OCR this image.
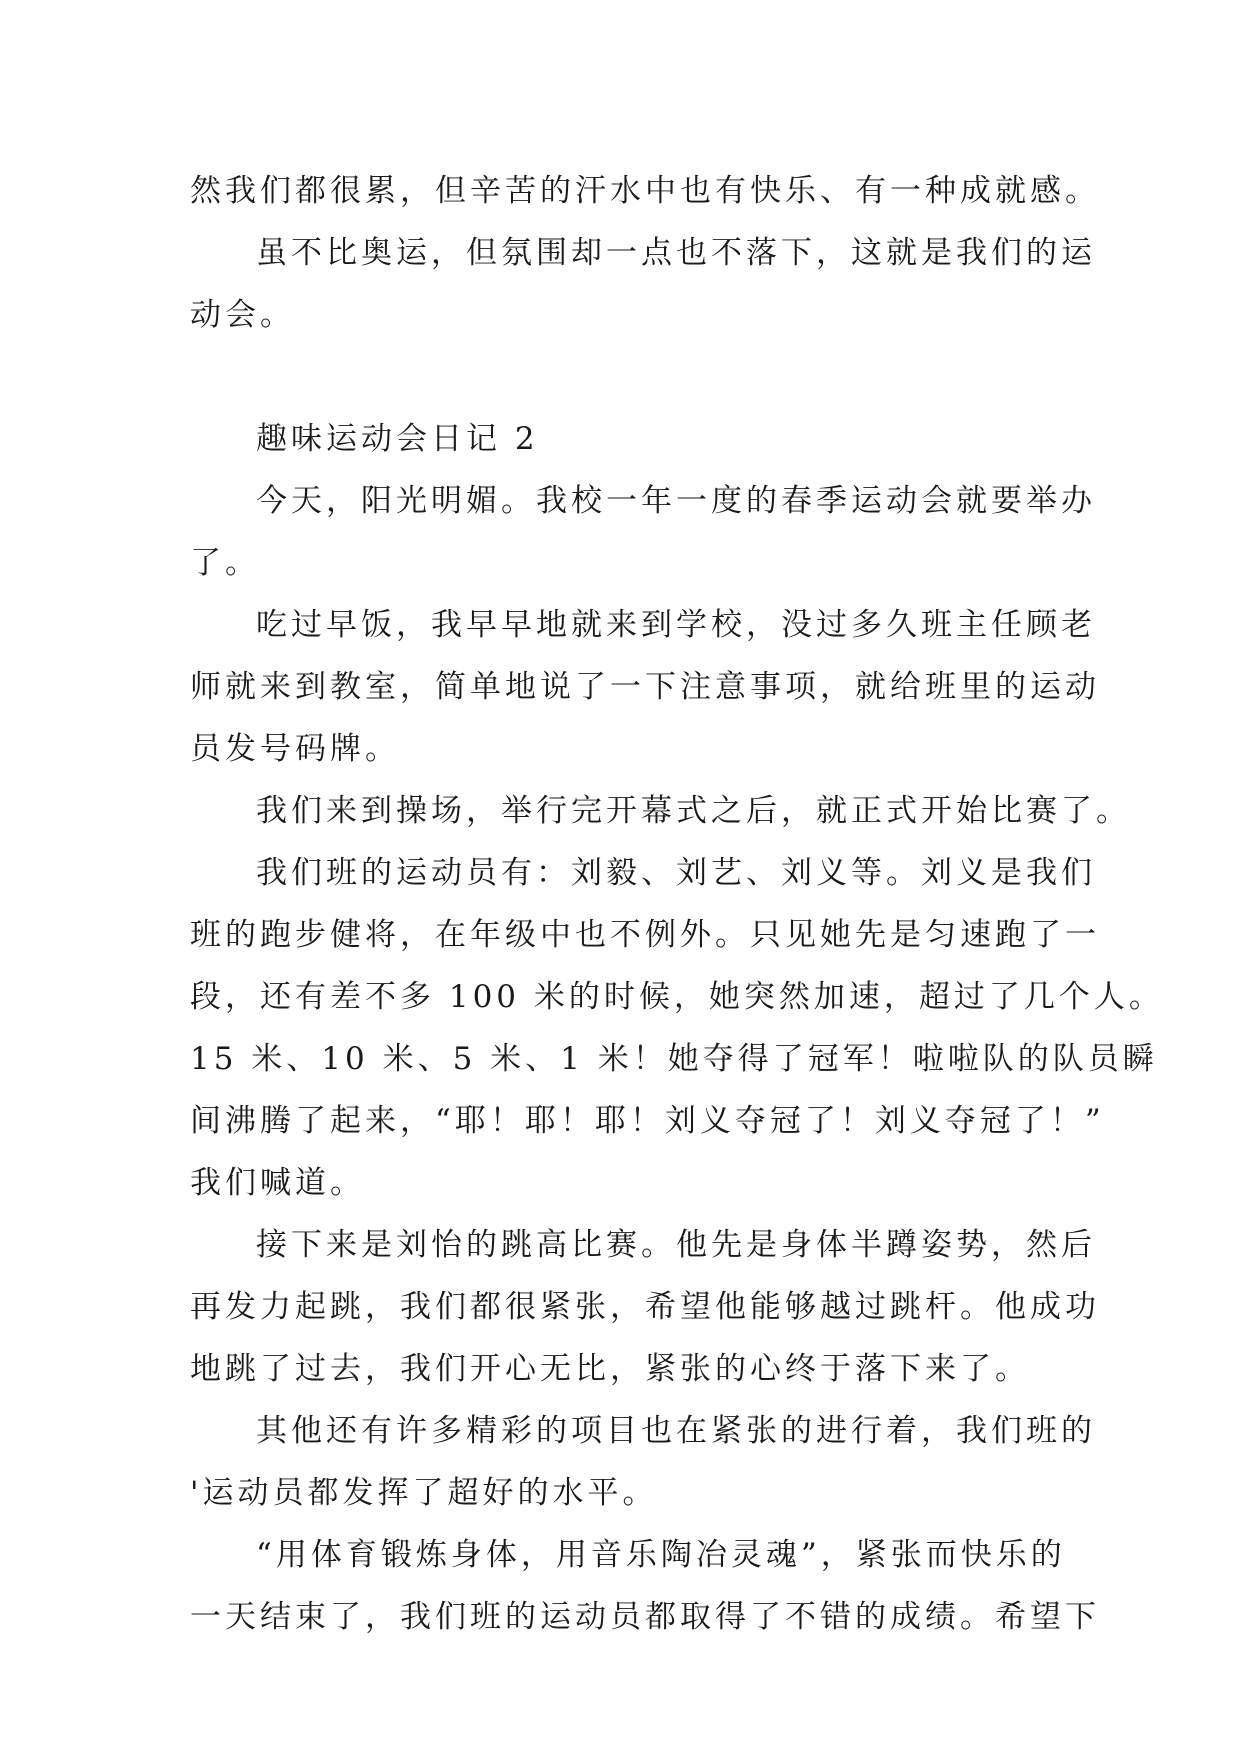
然我们都很累，但辛苦的汗水中也有快乐、有一种成就感。
虽不比奥运，但氛围却一点也不落下，这就是我们的运
动会。
趣味运动会日记 2
今天，阳光明媚。我校一年一度的春季运动会就要举办
了。
吃过早饭，我早早地就来到学校，没过多久班主任顾老
师就来到教室，简单地说了一下注意事项，就给班里的运动
员发号码牌。
我们来到操场，举行完开幕式之后，就正式开始比赛了。
我们班的运动员有：刘毅、刘艺、刘义等。刘义是我们
班的跑步健将，在年级中也不例外。只见她先是匀速跑了一
段，还有差不多 100 米的时候，她突然加速，超过了几个人。
15 米、10 米、5 米、1 米！她夺得了冠军！啦啦队的队员瞬
间沸腾了起来，“耶！耶！耶！刘义夺冠了！刘义夺冠了！”
我们喊道。
接下来是刘怡的跳高比赛。他先是身体半蹲姿势，然后
再发力起跳，我们都很紧张，希望他能够越过跳杆。他成功
地跳了过去，我们开心无比，紧张的心终于落下来了。
其他还有许多精彩的项目也在紧张的进行着，我们班的
'运动员都发挥了超好的水平。
“用体育锻炼身体，用音乐陶冶灵魂”，紧张而快乐的
一天结束了，我们班的运动员都取得了不错的成绩。希望下
